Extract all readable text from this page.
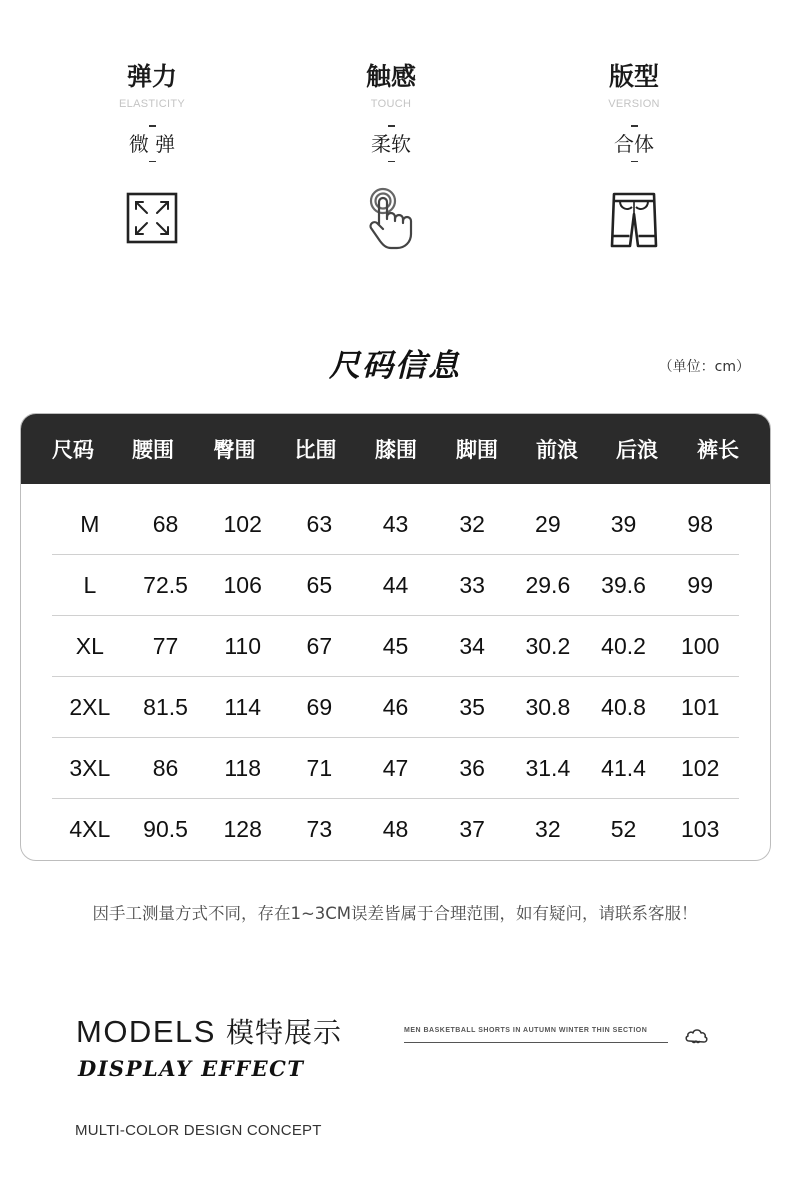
弹力
ELASTICITY
微 弹
触感
TOUCH
柔软
版型
VERSION
合体
尺码信息	（单位：cm）
尺码	腰围	臀围	比围	膝围	脚围	前浪	后浪	裤长
M	68	102	63	43	32	29	39	98
L	72.5	106	65	44	33	29.6	39.6	99
XL	77	110	67	45	34	30.2	40.2	100
2XL	81.5	114	69	46	35	30.8	40.8	101
3XL	86	118	71	47	36	31.4	41.4	102
4XL	90.5	128	73	48	37	32	52	103
因手工测量方式不同，存在1~3CM误差皆属于合理范围，如有疑问，请联系客服！
MODELS 模特展示
DISPLAY EFFECT
MEN BASKETBALL SHORTS IN AUTUMN WINTER THIN SECTION
MULTI-COLOR DESIGN CONCEPT
